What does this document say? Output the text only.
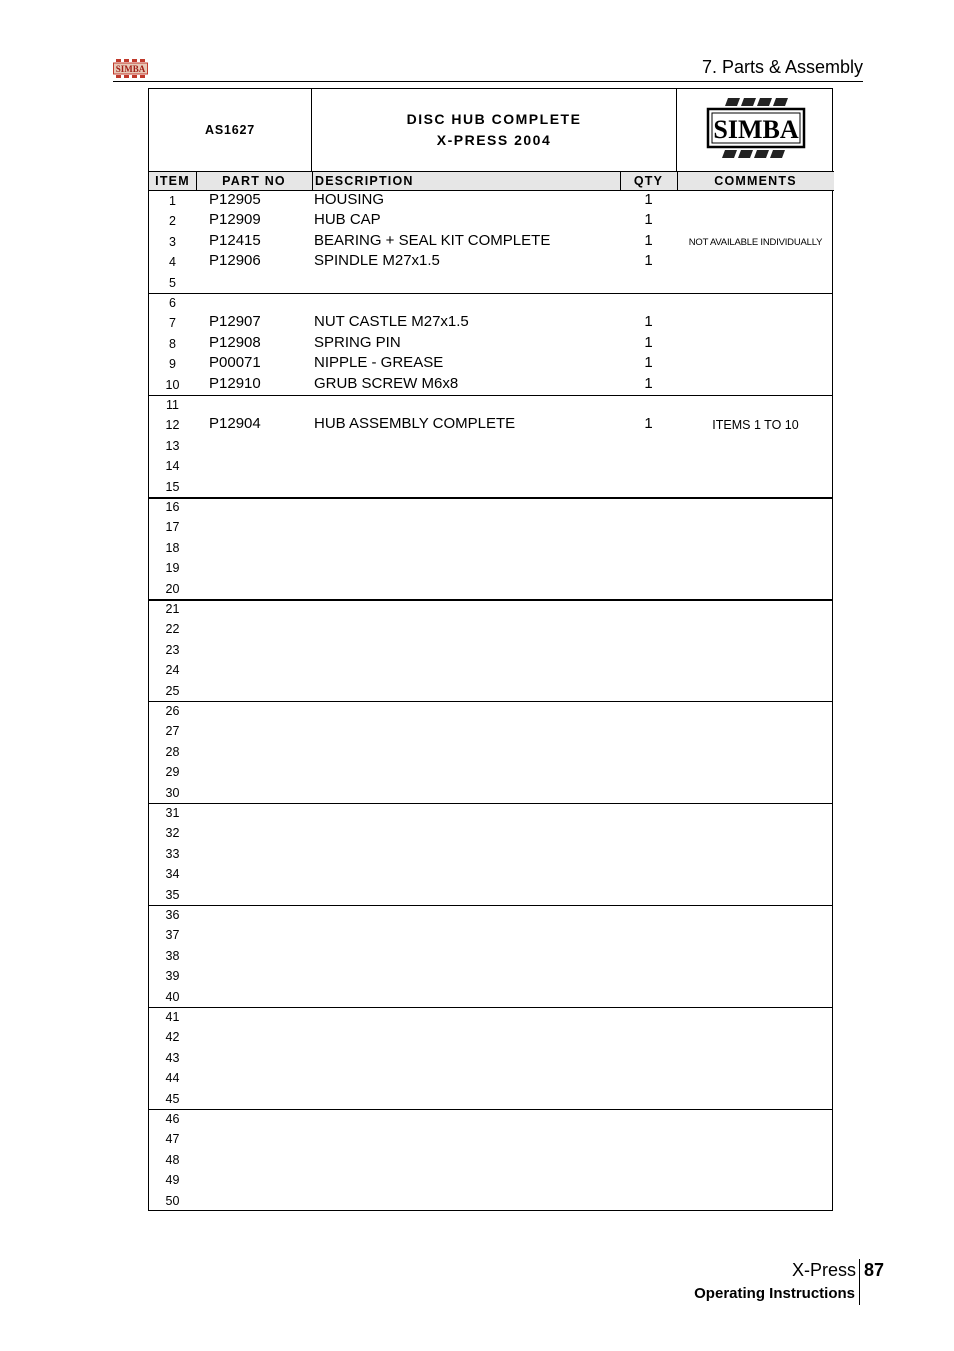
SIMBA	7. Parts & Assembly
AS1627
DISC HUB COMPLETE
X-PRESS 2004	SIMBA
ITEM	PART NO	DESCRIPTION	QTY	COMMENTS
1	P12905	HOUSING	1
2	P12909	HUB CAP	1
3	P12415	BEARING + SEAL KIT COMPLETE	1	NOT AVAILABLE INDIVIDUALLY
4	P12906	SPINDLE M27x1.5	1
5
6
7	P12907	NUT CASTLE M27x1.5	1
8	P12908	SPRING PIN	1
9	P00071	NIPPLE - GREASE	1
10	P12910	GRUB SCREW M6x8	1
11
12	P12904	HUB ASSEMBLY COMPLETE	1	ITEMS 1 TO 10
13
14
15
16
17
18
19
20
21
22
23
24
25
26
27
28
29
30
31
32
33
34
35
36
37
38
39
40
41
42
43
44
45
46
47
48
49
50
X-Press 87
Operating Instructions
